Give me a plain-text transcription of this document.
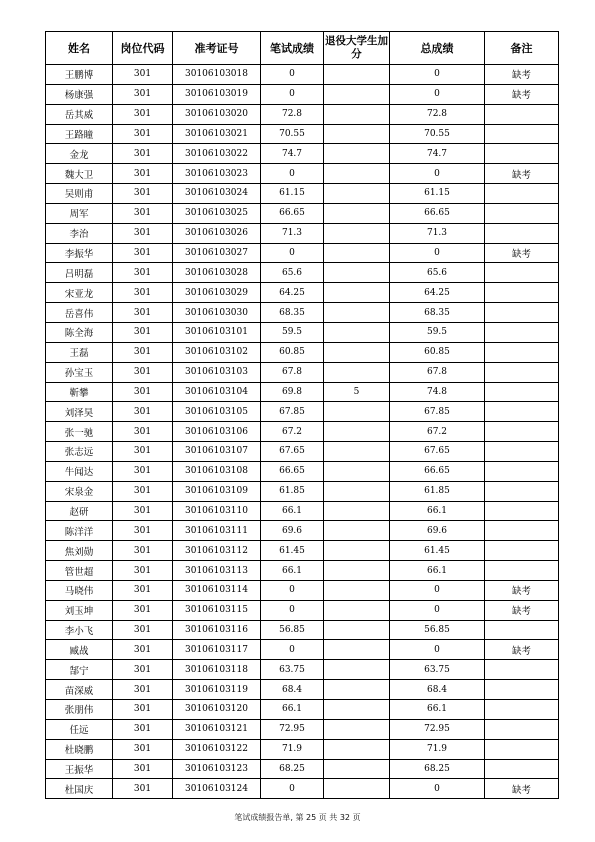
姓名	岗位代码	准考证号	笔试成绩	退役大学生加分	总成绩	备注
王鹏博	301	30106103018	0		0	缺考
杨康强	301	30106103019	0		0	缺考
岳其威	301	30106103020	72.8		72.8	
王路瞳	301	30106103021	70.55		70.55	
金龙	301	30106103022	74.7		74.7	
魏大卫	301	30106103023	0		0	缺考
吴则甫	301	30106103024	61.15		61.15	
周军	301	30106103025	66.65		66.65	
李治	301	30106103026	71.3		71.3	
李振华	301	30106103027	0		0	缺考
吕明磊	301	30106103028	65.6		65.6	
宋亚龙	301	30106103029	64.25		64.25	
岳喜伟	301	30106103030	68.35		68.35	
陈全海	301	30106103101	59.5		59.5	
王磊	301	30106103102	60.85		60.85	
孙宝玉	301	30106103103	67.8		67.8	
靳攀	301	30106103104	69.8	5	74.8	
刘泽昊	301	30106103105	67.85		67.85	
张一驰	301	30106103106	67.2		67.2	
张志远	301	30106103107	67.65		67.65	
牛闻达	301	30106103108	66.65		66.65	
宋泉金	301	30106103109	61.85		61.85	
赵研	301	30106103110	66.1		66.1	
陈洋洋	301	30106103111	69.6		69.6	
焦刘勋	301	30106103112	61.45		61.45	
管世超	301	30106103113	66.1		66.1	
马晓伟	301	30106103114	0		0	缺考
刘玉坤	301	30106103115	0		0	缺考
李小飞	301	30106103116	56.85		56.85	
臧战	301	30106103117	0		0	缺考
郜宁	301	30106103118	63.75		63.75	
苗深威	301	30106103119	68.4		68.4	
张朋伟	301	30106103120	66.1		66.1	
任远	301	30106103121	72.95		72.95	
杜晓鹏	301	30106103122	71.9		71.9	
王振华	301	30106103123	68.25		68.25	
杜国庆	301	30106103124	0		0	缺考
笔试成绩报告单, 第 25 页 共 32 页
